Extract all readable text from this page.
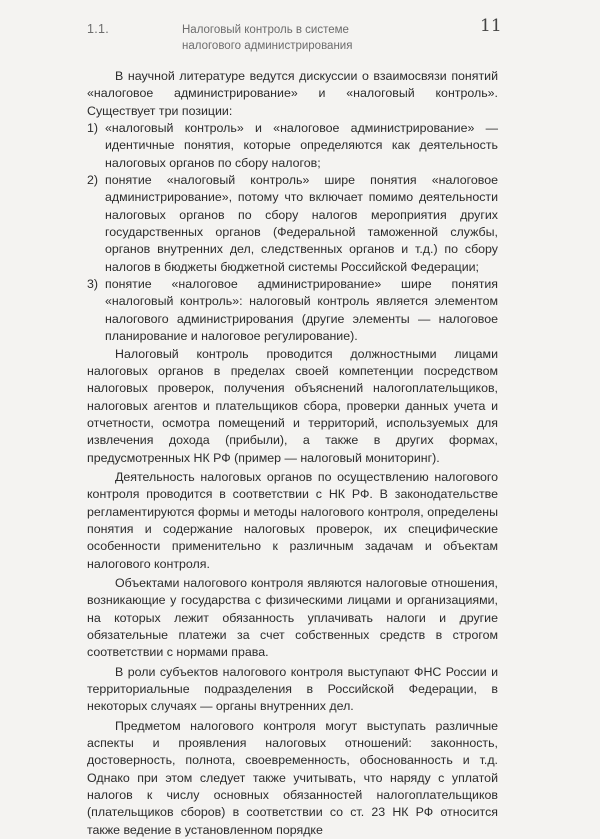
1.1.	Налоговый контроль в системе
налогового администрирования
11

В научной литературе ведутся дискуссии о взаимосвязи понятий «налоговое администрирование» и «налоговый контроль». Существует три позиции:

1) «налоговый контроль» и «налоговое администрирование» — идентичные понятия, которые определяются как деятельность налоговых органов по сбору налогов;
2) понятие «налоговый контроль» шире понятия «налоговое администрирование», потому что включает помимо деятельности налоговых органов по сбору налогов мероприятия других государственных органов (Федеральной таможенной службы, органов внутренних дел, следственных органов и т.д.) по сбору налогов в бюджеты бюджетной системы Российской Федерации;
3) понятие «налоговое администрирование» шире понятия «налоговый контроль»: налоговый контроль является элементом налогового администрирования (другие элементы — налоговое планирование и налоговое регулирование).

Налоговый контроль проводится должностными лицами налоговых органов в пределах своей компетенции посредством налоговых проверок, получения объяснений налогоплательщиков, налоговых агентов и плательщиков сбора, проверки данных учета и отчетности, осмотра помещений и территорий, используемых для извлечения дохода (прибыли), а также в других формах, предусмотренных НК РФ (пример — налоговый мониторинг).

Деятельность налоговых органов по осуществлению налогового контроля проводится в соответствии с НК РФ. В законодательстве регламентируются формы и методы налогового контроля, определены понятия и содержание налоговых проверок, их специфические особенности применительно к различным задачам и объектам налогового контроля.

Объектами налогового контроля являются налоговые отношения, возникающие у государства с физическими лицами и организациями, на которых лежит обязанность уплачивать налоги и другие обязательные платежи за счет собственных средств в строгом соответствии с нормами права.

В роли субъектов налогового контроля выступают ФНС России и территориальные подразделения в Российской Федерации, в некоторых случаях — органы внутренних дел.

Предметом налогового контроля могут выступать различные аспекты и проявления налоговых отношений: законность, достоверность, полнота, своевременность, обоснованность и т.д. Однако при этом следует также учитывать, что наряду с уплатой налогов к числу основных обязанностей налогоплательщиков (плательщиков сборов) в соответствии со ст. 23 НК РФ относится также ведение в установленном порядке
